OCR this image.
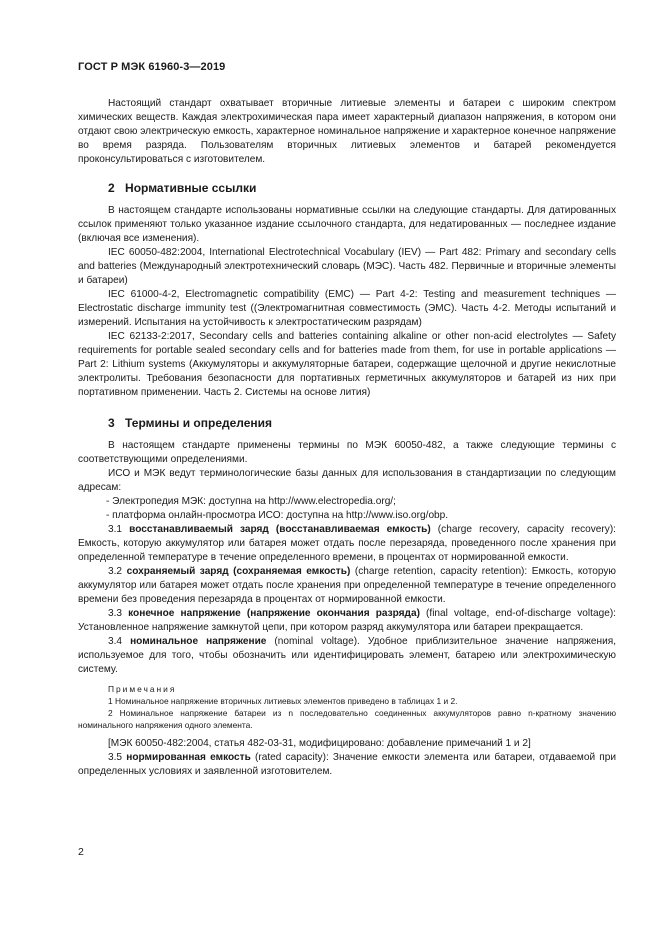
ГОСТ Р МЭК 61960-3—2019

Настоящий стандарт охватывает вторичные литиевые элементы и батареи с широким спектром химических веществ. Каждая электрохимическая пара имеет характерный диапазон напряжения, в котором они отдают свою электрическую емкость, характерное номинальное напряжение и характерное конечное напряжение во время разряда. Пользователям вторичных литиевых элементов и батарей рекомендуется проконсультироваться с изготовителем.

2 Нормативные ссылки

В настоящем стандарте использованы нормативные ссылки на следующие стандарты. Для датированных ссылок применяют только указанное издание ссылочного стандарта, для недатированных — последнее издание (включая все изменения).

IEC 60050-482:2004, International Electrotechnical Vocabulary (IEV) — Part 482: Primary and secondary cells and batteries (Международный электротехнический словарь (МЭС). Часть 482. Первичные и вторичные элементы и батареи)

IEC 61000-4-2, Electromagnetic compatibility (EMC) — Part 4-2: Testing and measurement techniques — Electrostatic discharge immunity test ((Электромагнитная совместимость (ЭМС). Часть 4-2. Методы испытаний и измерений. Испытания на устойчивость к электростатическим разрядам)

IEC 62133-2:2017, Secondary cells and batteries containing alkaline or other non-acid electrolytes — Safety requirements for portable sealed secondary cells and for batteries made from them, for use in portable applications — Part 2: Lithium systems (Аккумуляторы и аккумуляторные батареи, содержащие щелочной и другие некислотные электролиты. Требования безопасности для портативных герметичных аккумуляторов и батарей из них при портативном применении. Часть 2. Системы на основе лития)

3 Термины и определения

В настоящем стандарте применены термины по МЭК 60050-482, а также следующие термины с соответствующими определениями.

ИСО и МЭК ведут терминологические базы данных для использования в стандартизации по следующим адресам:

- Электропедия МЭК: доступна на http://www.electropedia.org/;

- платформа онлайн-просмотра ИСО: доступна на http://www.iso.org/obp.

3.1 восстанавливаемый заряд (восстанавливаемая емкость) (charge recovery, capacity recovery): Емкость, которую аккумулятор или батарея может отдать после перезаряда, проведенного после хранения при определенной температуре в течение определенного времени, в процентах от нормированной емкости.

3.2 сохраняемый заряд (сохраняемая емкость) (charge retention, capacity retention): Емкость, которую аккумулятор или батарея может отдать после хранения при определенной температуре в течение определенного времени без проведения перезаряда в процентах от нормированной емкости.

3.3 конечное напряжение (напряжение окончания разряда) (final voltage, end-of-discharge voltage): Установленное напряжение замкнутой цепи, при котором разряд аккумулятора или батареи прекращается.

3.4 номинальное напряжение (nominal voltage). Удобное приблизительное значение напряжения, используемое для того, чтобы обозначить или идентифицировать элемент, батарею или электрохимическую систему.

Примечания
1 Номинальное напряжение вторичных литиевых элементов приведено в таблицах 1 и 2.
2 Номинальное напряжение батареи из n последовательно соединенных аккумуляторов равно n-кратному значению номинального напряжения одного элемента.

[МЭК 60050-482:2004, статья 482-03-31, модифицировано: добавление примечаний 1 и 2]

3.5 нормированная емкость (rated capacity): Значение емкости элемента или батареи, отдаваемой при определенных условиях и заявленной изготовителем.

2
